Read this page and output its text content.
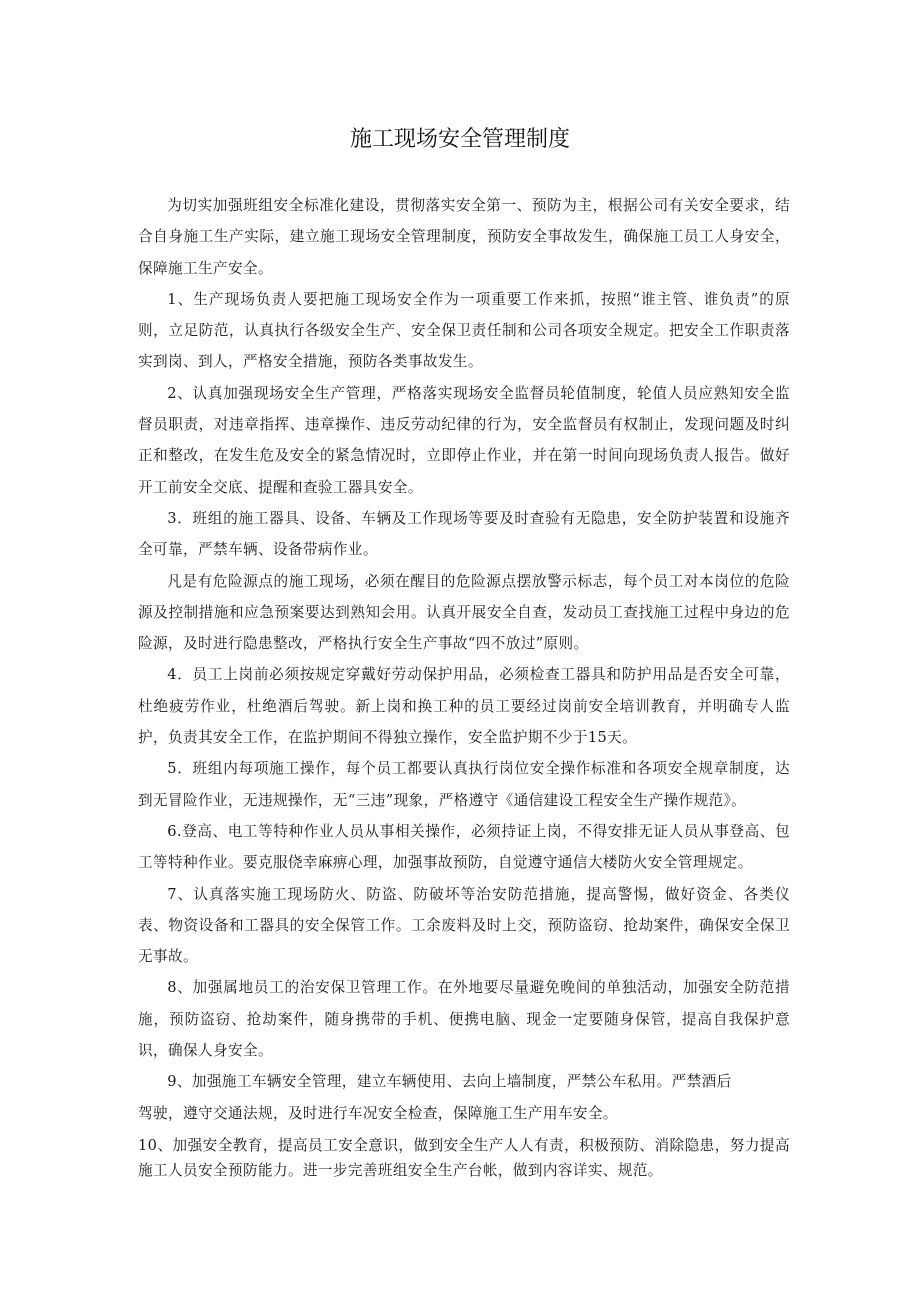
施工现场安全管理制度

为切实加强班组安全标准化建设，贯彻落实安全第一、预防为主，根据公司有关安全要求，结合自身施工生产实际，建立施工现场安全管理制度，预防安全事故发生，确保施工员工人身安全，保障施工生产安全。

1、生产现场负责人要把施工现场安全作为一项重要工作来抓，按照“谁主管、谁负责”的原则，立足防范，认真执行各级安全生产、安全保卫责任制和公司各项安全规定。把安全工作职责落实到岗、到人，严格安全措施，预防各类事故发生。

2、认真加强现场安全生产管理，严格落实现场安全监督员轮值制度，轮值人员应熟知安全监督员职责，对违章指挥、违章操作、违反劳动纪律的行为，安全监督员有权制止，发现问题及时纠正和整改，在发生危及安全的紧急情况时，立即停止作业，并在第一时间向现场负责人报告。做好开工前安全交底、提醒和查验工器具安全。

3．班组的施工器具、设备、车辆及工作现场等要及时查验有无隐患，安全防护装置和设施齐全可靠，严禁车辆、设备带病作业。

凡是有危险源点的施工现场，必须在醒目的危险源点摆放警示标志，每个员工对本岗位的危险源及控制措施和应急预案要达到熟知会用。认真开展安全自查，发动员工查找施工过程中身边的危险源，及时进行隐患整改，严格执行安全生产事故“四不放过”原则。

4．员工上岗前必须按规定穿戴好劳动保护用品，必须检查工器具和防护用品是否安全可靠，杜绝疲劳作业，杜绝酒后驾驶。新上岗和换工种的员工要经过岗前安全培训教育，并明确专人监护，负责其安全工作，在监护期间不得独立操作，安全监护期不少于15天。

5．班组内每项施工操作，每个员工都要认真执行岗位安全操作标准和各项安全规章制度，达到无冒险作业，无违规操作，无“三违”现象，严格遵守《通信建设工程安全生产操作规范》。

6.登高、电工等特种作业人员从事相关操作，必须持证上岗，不得安排无证人员从事登高、包工等特种作业。要克服侥幸麻痹心理，加强事故预防，自觉遵守通信大楼防火安全管理规定。

7、认真落实施工现场防火、防盗、防破坏等治安防范措施，提高警惕，做好资金、各类仪表、物资设备和工器具的安全保管工作。工余废料及时上交，预防盗窃、抢劫案件，确保安全保卫无事故。

8、加强属地员工的治安保卫管理工作。在外地要尽量避免晚间的单独活动，加强安全防范措施，预防盗窃、抢劫案件，随身携带的手机、便携电脑、现金一定要随身保管，提高自我保护意识，确保人身安全。

9、加强施工车辆安全管理，建立车辆使用、去向上墙制度，严禁公车私用。严禁酒后

驾驶，遵守交通法规，及时进行车况安全检查，保障施工生产用车安全。

10、加强安全教育，提高员工安全意识，做到安全生产人人有责，积极预防、消除隐患，努力提高施工人员安全预防能力。进一步完善班组安全生产台帐，做到内容详实、规范。
